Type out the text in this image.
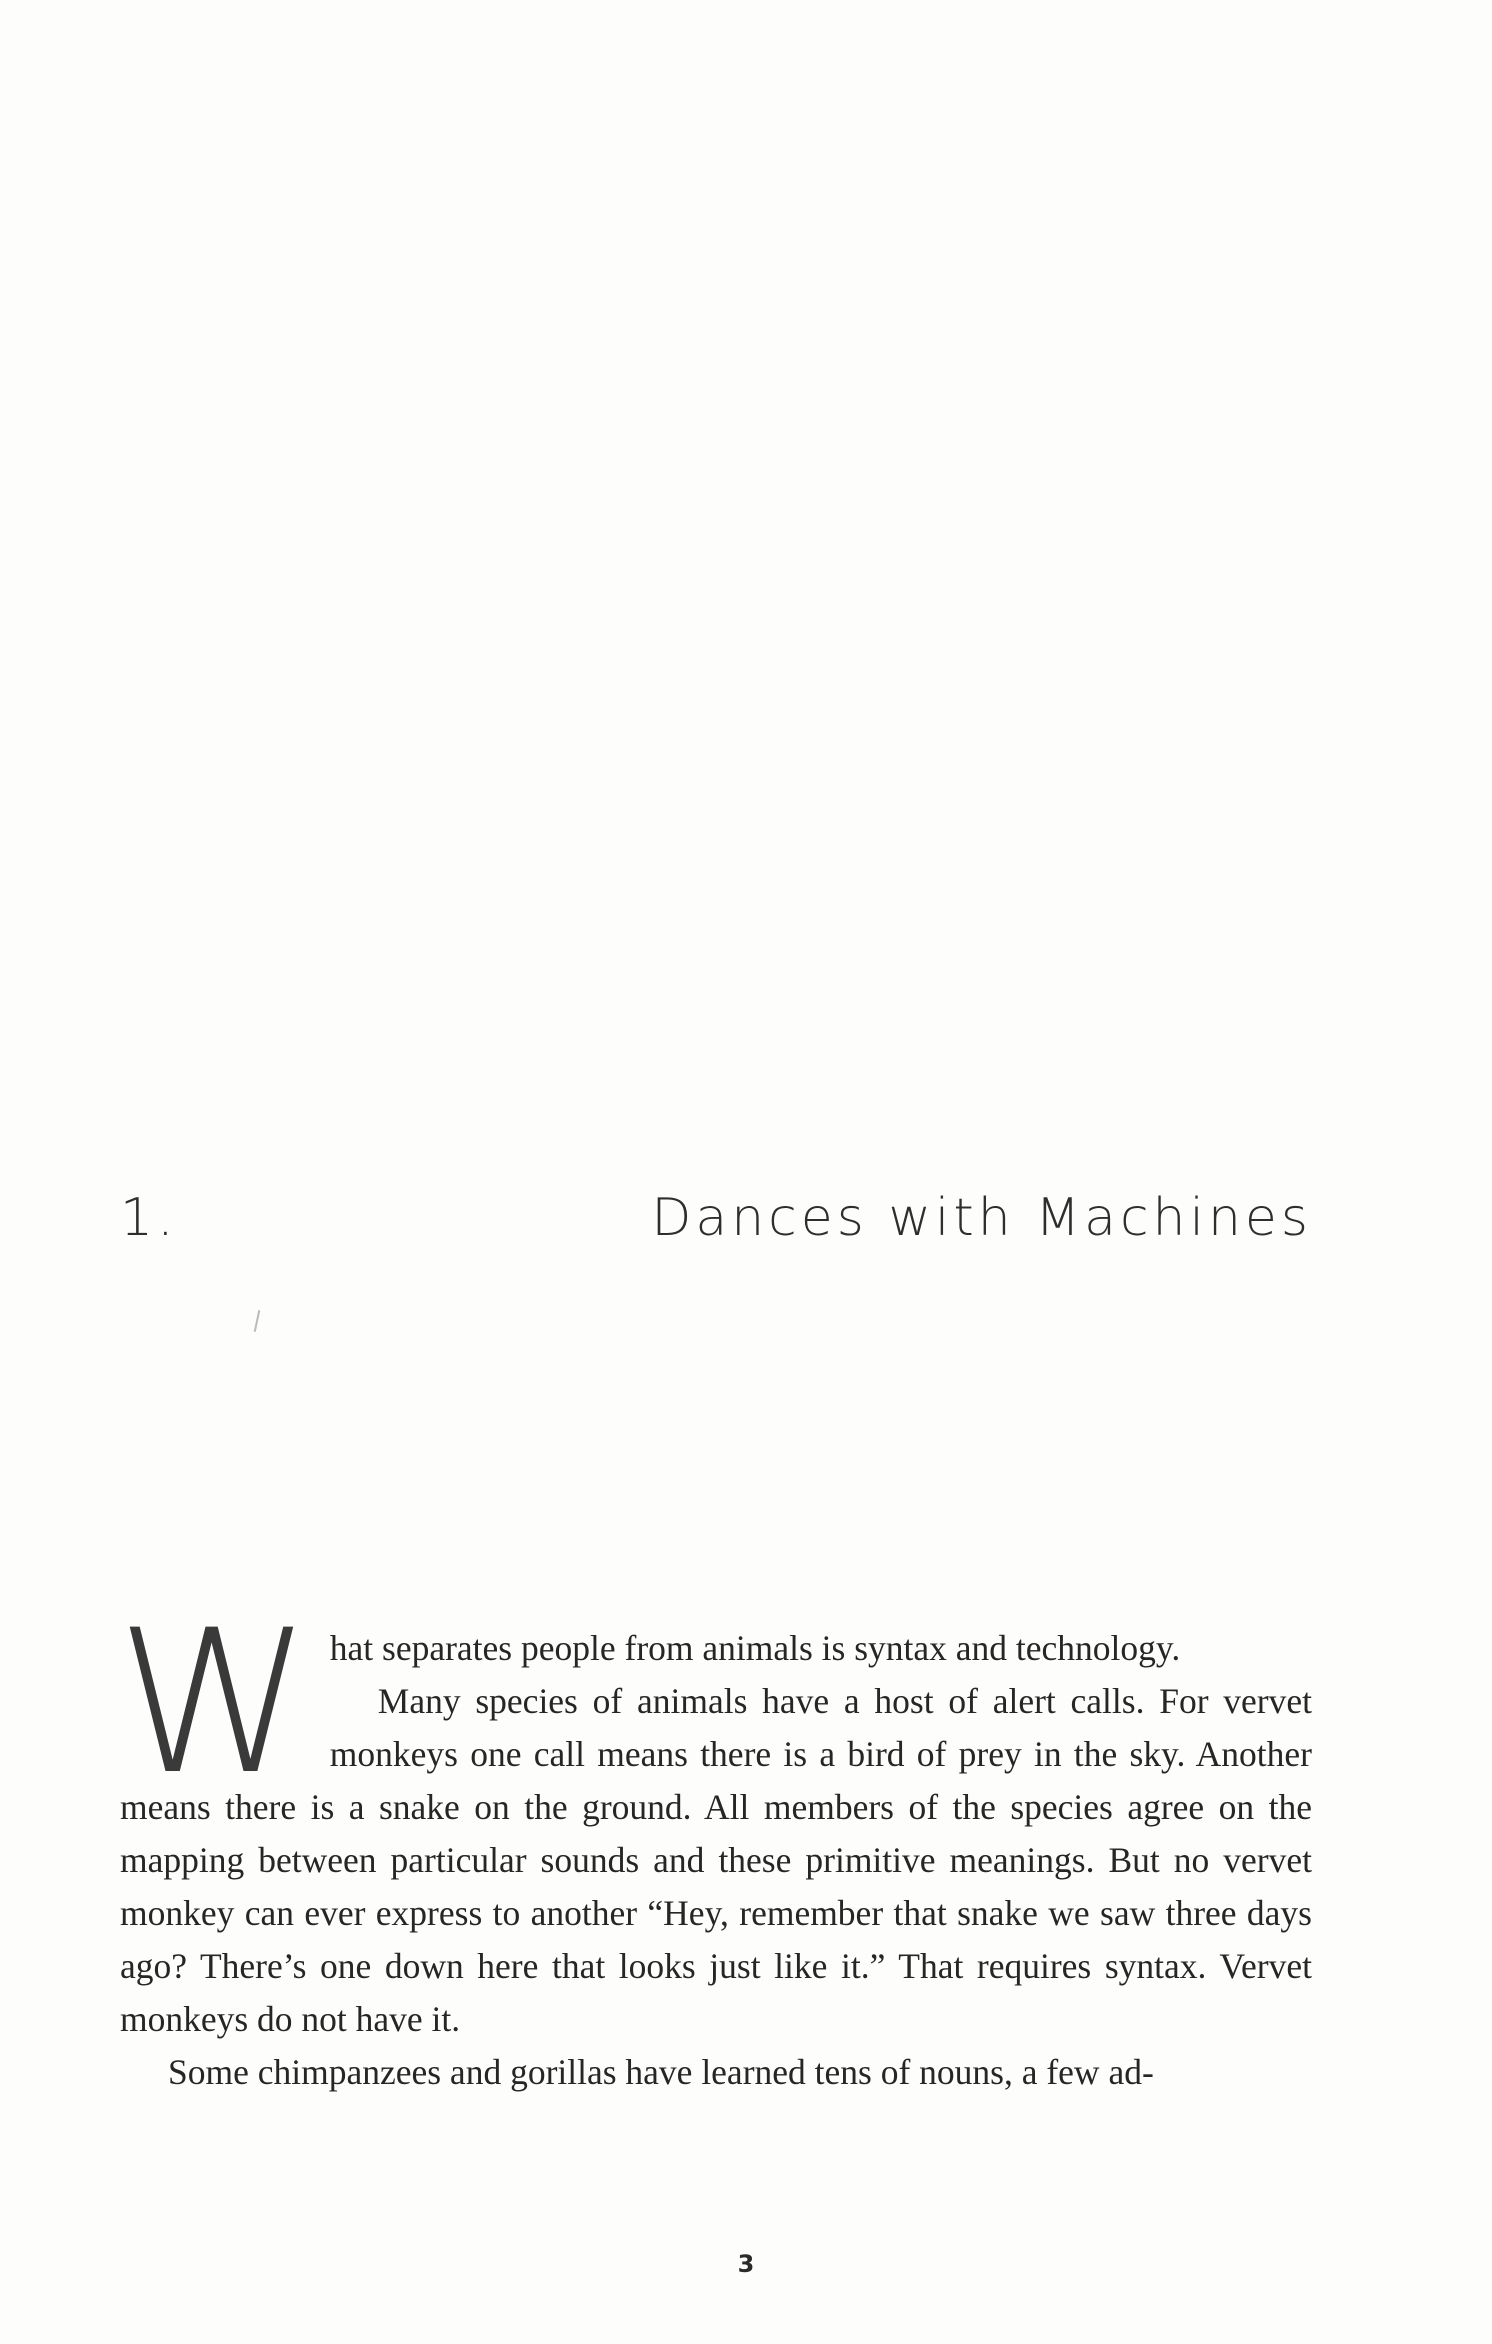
1.	Dances with Machines
W hat separates people from animals is syntax and technology.

Many species of animals have a host of alert calls. For vervet monkeys one call means there is a bird of prey in the sky. Another means there is a snake on the ground. All members of the species agree on the mapping between particular sounds and these primitive meanings. But no vervet monkey can ever express to another “Hey, remember that snake we saw three days ago? There’s one down here that looks just like it.” That requires syntax. Vervet monkeys do not have it.

Some chimpanzees and gorillas have learned tens of nouns, a few ad-

3
